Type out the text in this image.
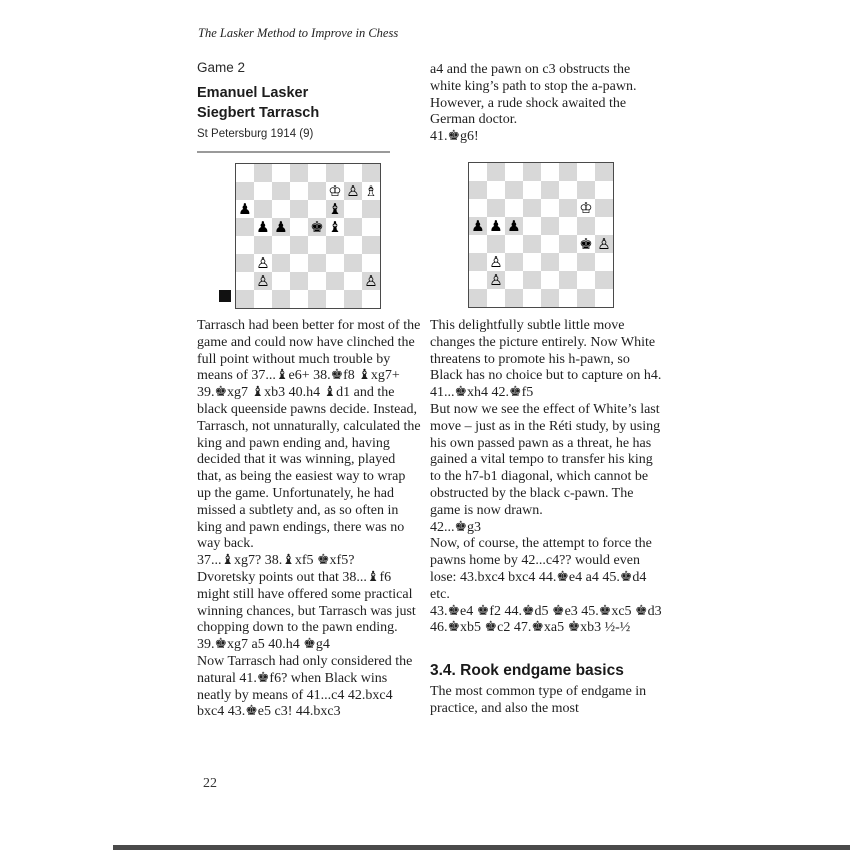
The Lasker Method to Improve in Chess
Game 2
Emanuel Lasker
Siegbert Tarrasch
St Petersburg 1914 (9)

a4 and the pawn on c3 obstructs the white king’s path to stop the a-pawn. However, a rude shock awaited the German doctor.

41.♚g6!

♔ ♙ ♗
♟	♝
♟ ♟ ♚ ♝
♙
♙	♙
♔
♟ ♟ ♟
♚ ♙
♙
♙

Tarrasch had been better for most of the game and could now have clinched the full point without much trouble by means of 37...♝e6+ 38.♚f8 ♝xg7+ 39.♚xg7 ♝xb3 40.h4 ♝d1 and the black queenside pawns decide. Instead, Tarrasch, not unnaturally, calculated the king and pawn ending and, having decided that it was winning, played that, as being the easiest way to wrap up the game. Unfortunately, he had missed a subtlety and, as so often in king and pawn endings, there was no way back.

37...♝xg7? 38.♝xf5 ♚xf5?

Dvoretsky points out that 38...♝f6 might still have offered some practical winning chances, but Tarrasch was just chopping down to the pawn ending.

39.♚xg7 a5 40.h4 ♚g4

Now Tarrasch had only considered the natural 41.♚f6? when Black wins neatly by means of 41...c4 42.bxc4 bxc4 43.♚e5 c3! 44.bxc3

This delightfully subtle little move changes the picture entirely. Now White threatens to promote his h-pawn, so Black has no choice but to capture on h4.

41...♚xh4 42.♚f5

But now we see the effect of White’s last move – just as in the Réti study, by using his own passed pawn as a threat, he has gained a vital tempo to transfer his king to the h7-b1 diagonal, which cannot be obstructed by the black c-pawn. The game is now drawn.

42...♚g3

Now, of course, the attempt to force the pawns home by 42...c4?? would even lose: 43.bxc4 bxc4 44.♚e4 a4 45.♚d4 etc.

43.♚e4 ♚f2 44.♚d5 ♚e3 45.♚xc5 ♚d3 46.♚xb5 ♚c2 47.♚xa5 ♚xb3 ½-½

3.4. Rook endgame basics

The most common type of endgame in practice, and also the most

22
